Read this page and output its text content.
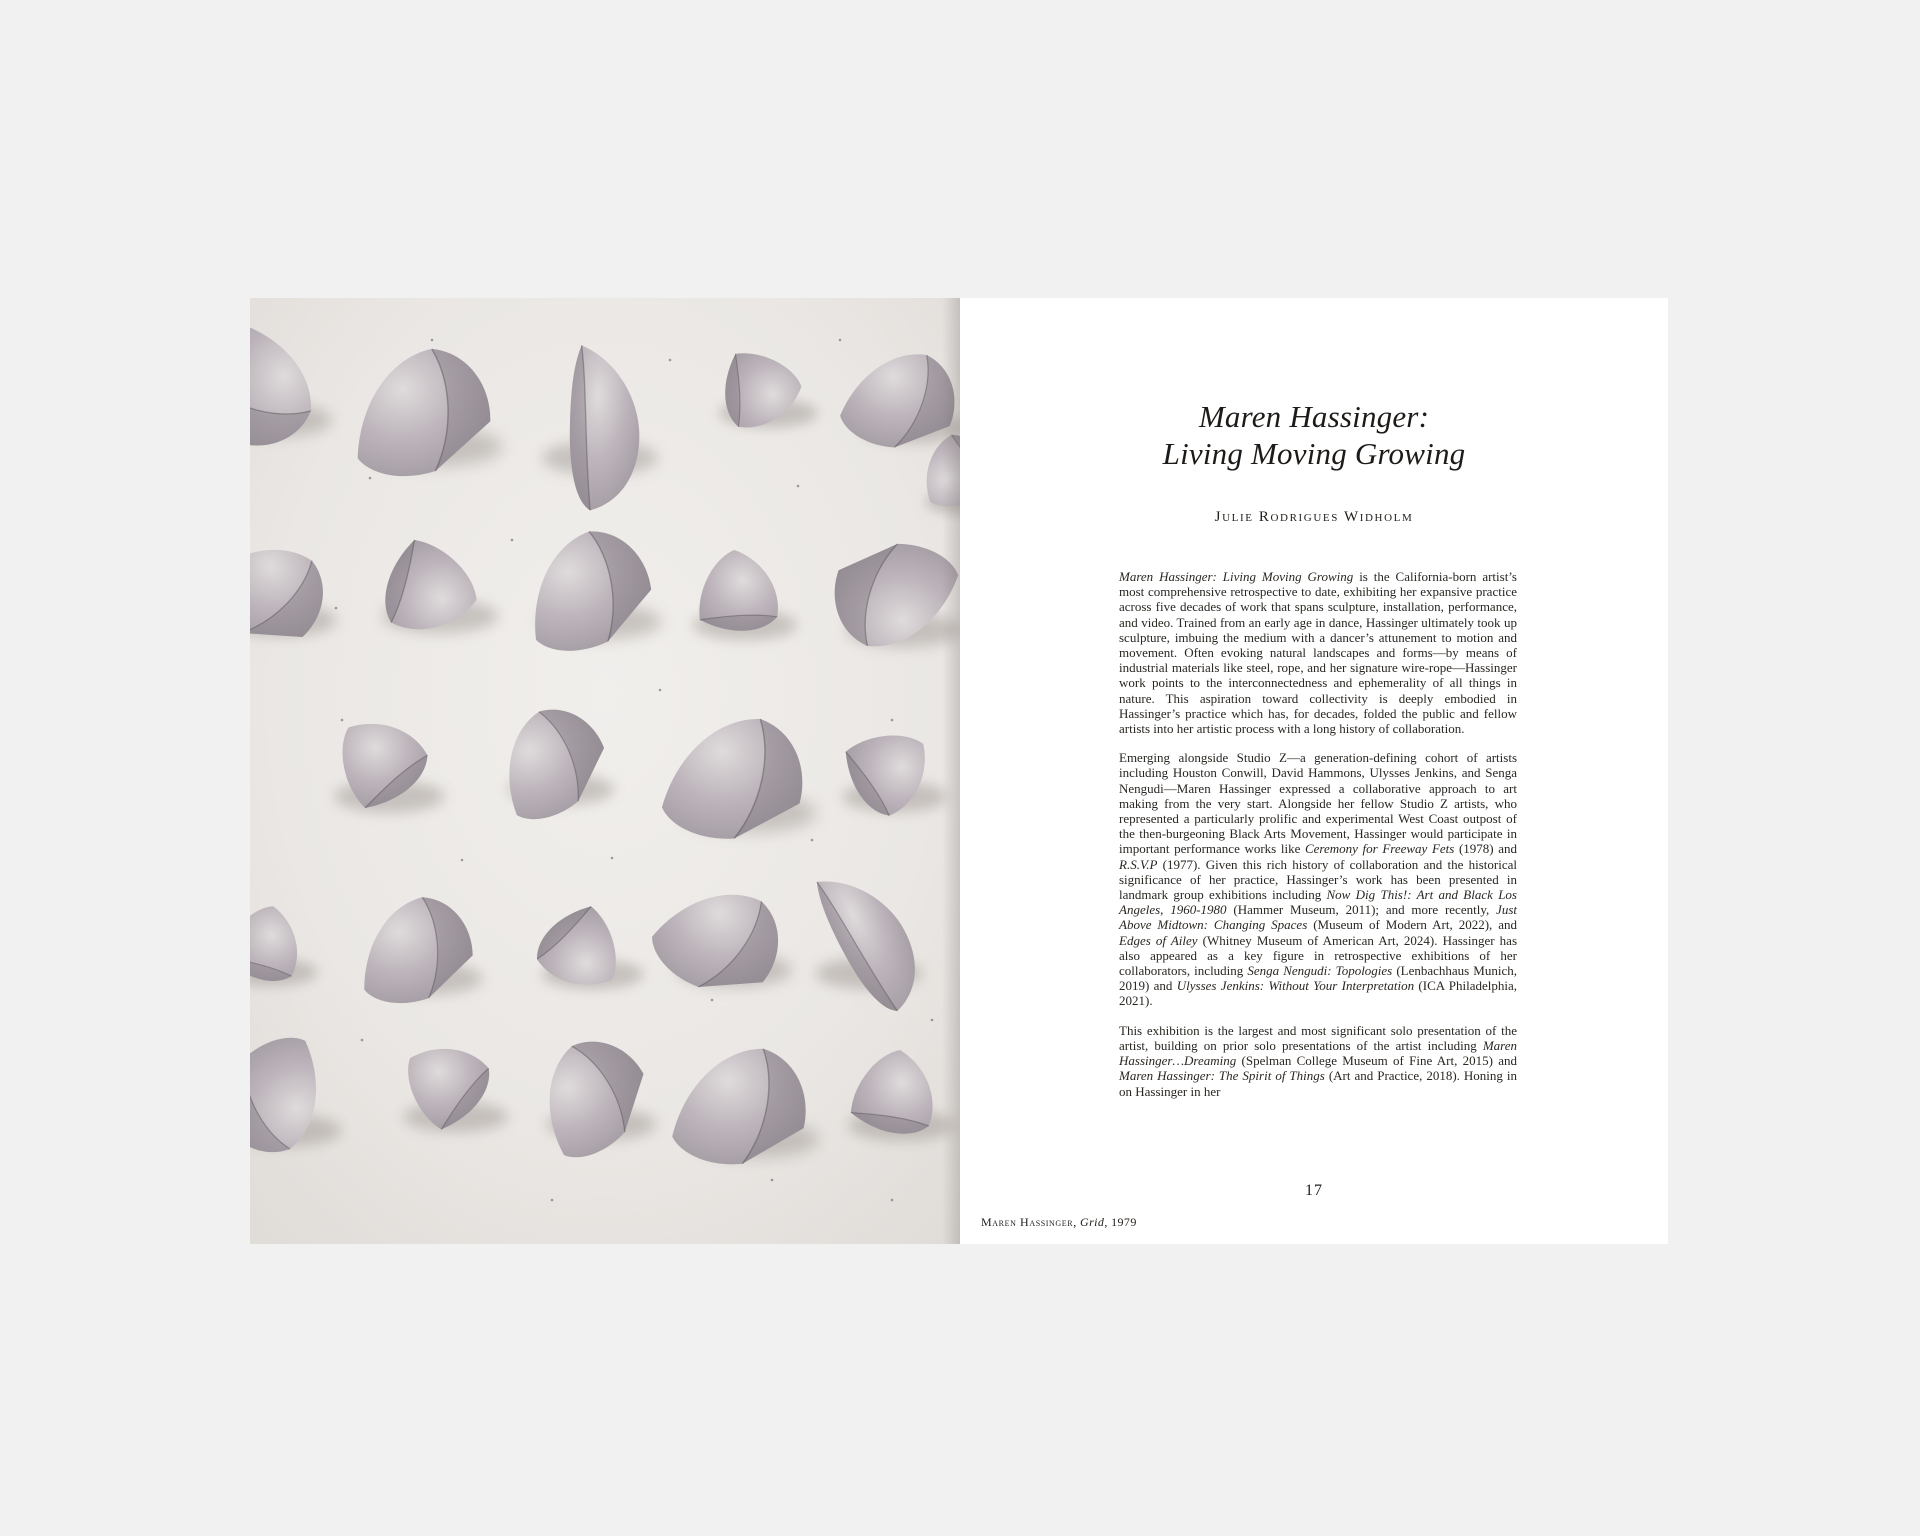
Maren Hassinger:
Living Moving Growing
Julie Rodrigues Widholm

Maren Hassinger: Living Moving Growing is the California-born artist’s most comprehensive retrospective to date, exhibiting her expansive practice across five decades of work that spans sculpture, installation, performance, and video. Trained from an early age in dance, Hassinger ultimately took up sculpture, imbuing the medium with a dancer’s attunement to motion and movement. Often evoking natural landscapes and forms—by means of industrial materials like steel, rope, and her signature wire-rope—Hassinger work points to the interconnectedness and ephemerality of all things in nature. This aspiration toward collectivity is deeply embodied in Hassinger’s practice which has, for decades, folded the public and fellow artists into her artistic process with a long history of collaboration.

Emerging alongside Studio Z—a generation-defining cohort of artists including Houston Conwill, David Hammons, Ulysses Jenkins, and Senga Nengudi—Maren Hassinger expressed a collaborative approach to art making from the very start. Alongside her fellow Studio Z artists, who represented a particularly prolific and experimental West Coast outpost of the then-burgeoning Black Arts Movement, Hassinger would participate in important performance works like Ceremony for Freeway Fets (1978) and R.S.V.P (1977). Given this rich history of collaboration and the historical significance of her practice, Hassinger’s work has been presented in landmark group exhibitions including Now Dig This!: Art and Black Los Angeles, 1960-1980 (Hammer Museum, 2011); and more recently, Just Above Midtown: Changing Spaces (Museum of Modern Art, 2022), and Edges of Ailey (Whitney Museum of American Art, 2024). Hassinger has also appeared as a key figure in retrospective exhibitions of her collaborators, including Senga Nengudi: Topologies (Lenbachhaus Munich, 2019) and Ulysses Jenkins: Without Your Interpretation (ICA Philadelphia, 2021).

This exhibition is the largest and most significant solo presentation of the artist, building on prior solo presentations of the artist including Maren Hassinger…Dreaming (Spelman College Museum of Fine Art, 2015) and Maren Hassinger: The Spirit of Things (Art and Practice, 2018). Honing in on Hassinger in her

17
Maren Hassinger, Grid, 1979
